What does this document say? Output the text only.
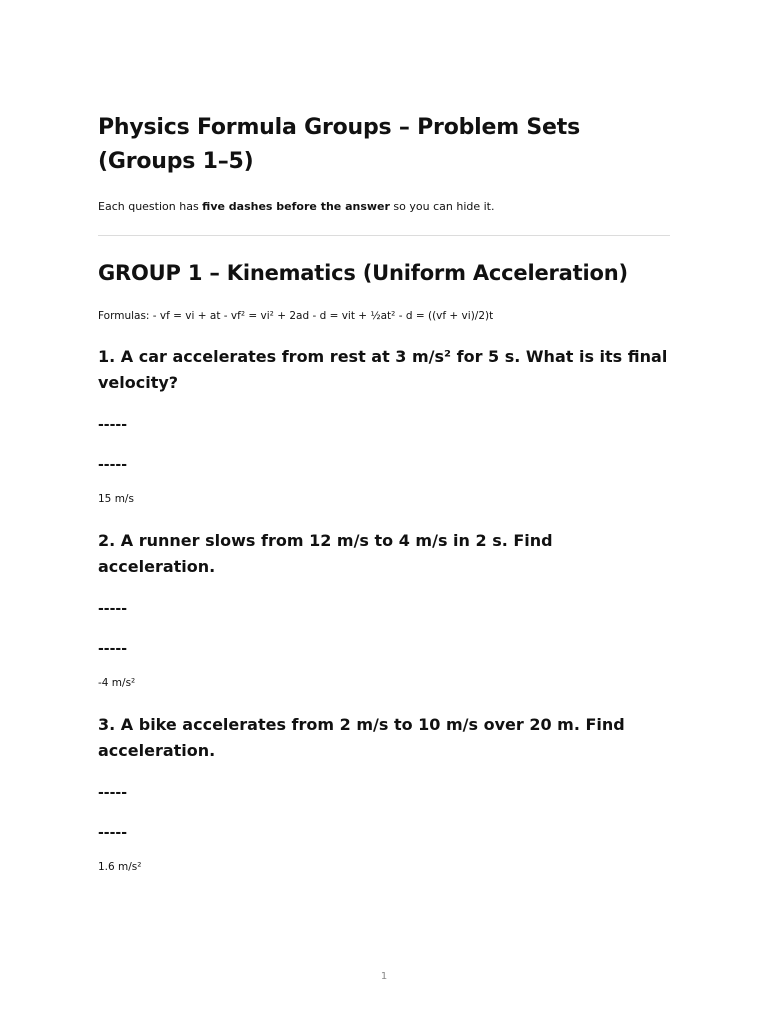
Physics Formula Groups – Problem Sets (Groups 1–5)

Each question has five dashes before the answer so you can hide it.

GROUP 1 – Kinematics (Uniform Acceleration)

Formulas: - vf = vi + at - vf² = vi² + 2ad - d = vit + ½at² - d = ((vf + vi)/2)t

1. A car accelerates from rest at 3 m/s² for 5 s. What is its final velocity?

-----

-----

15 m/s

2. A runner slows from 12 m/s to 4 m/s in 2 s. Find acceleration.

-----

-----

-4 m/s²

3. A bike accelerates from 2 m/s to 10 m/s over 20 m. Find acceleration.

-----

-----

1.6 m/s²

1
